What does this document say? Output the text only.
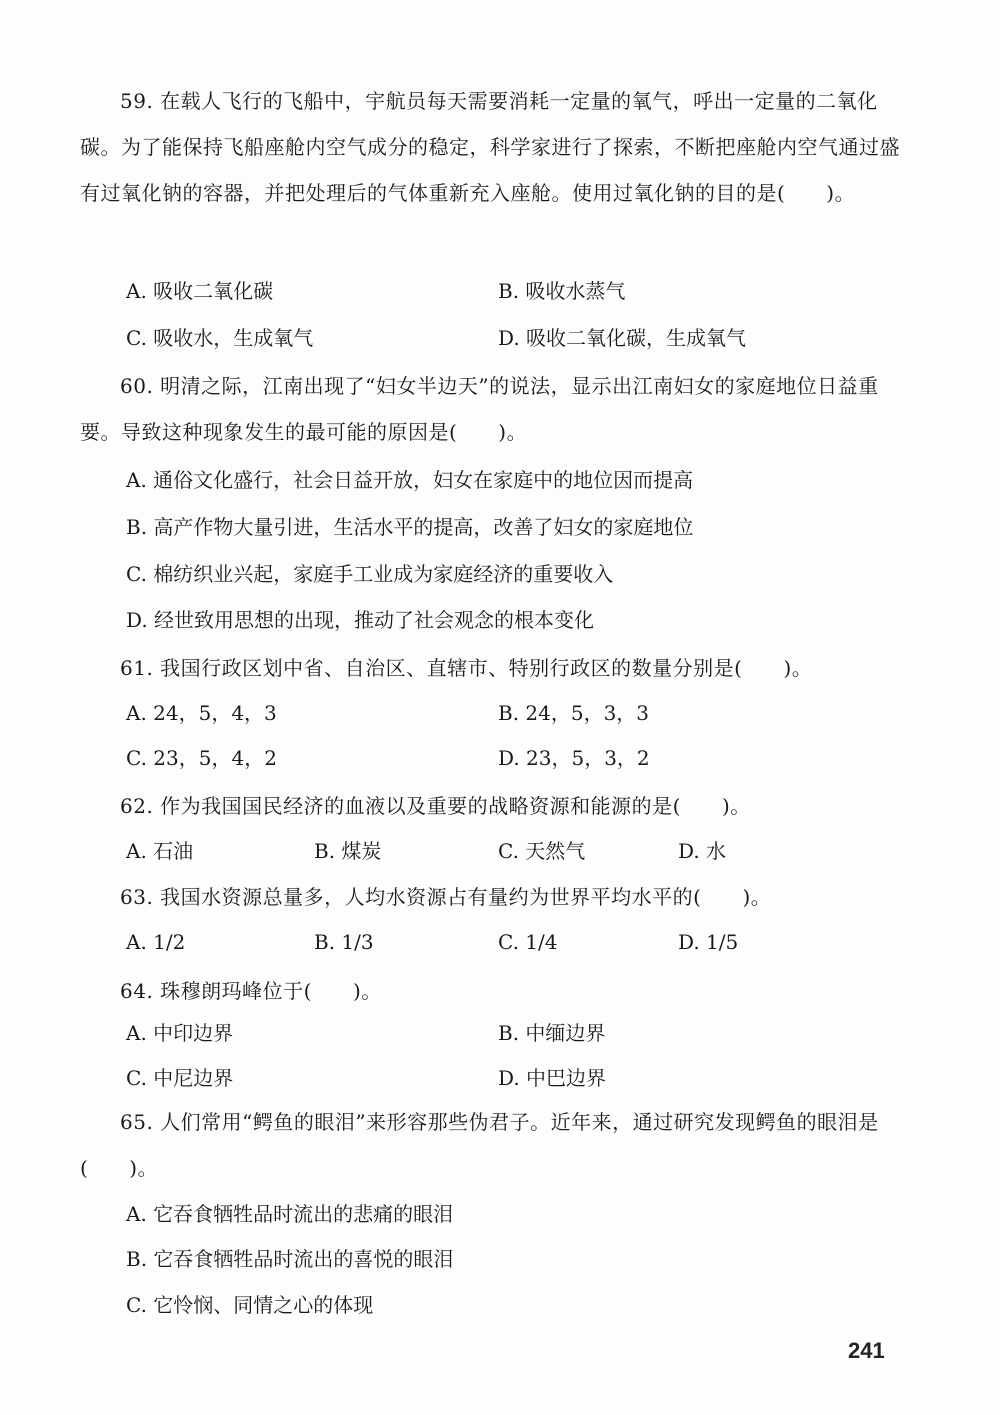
59. 在载人飞行的飞船中，宇航员每天需要消耗一定量的氧气，呼出一定量的二氧化碳。为了能保持飞船座舱内空气成分的稳定，科学家进行了探索，不断把座舱内空气通过盛有过氧化钠的容器，并把处理后的气体重新充入座舱。使用过氧化钠的目的是(　　)。
A. 吸收二氧化碳	B. 吸收水蒸气
C. 吸收水，生成氧气	D. 吸收二氧化碳，生成氧气
60. 明清之际，江南出现了“妇女半边天”的说法，显示出江南妇女的家庭地位日益重要。导致这种现象发生的最可能的原因是(　　)。
A. 通俗文化盛行，社会日益开放，妇女在家庭中的地位因而提高
B. 高产作物大量引进，生活水平的提高，改善了妇女的家庭地位
C. 棉纺织业兴起，家庭手工业成为家庭经济的重要收入
D. 经世致用思想的出现，推动了社会观念的根本变化
61. 我国行政区划中省、自治区、直辖市、特别行政区的数量分别是(　　)。
A. 24，5，4，3	B. 24，5，3，3
C. 23，5，4，2	D. 23，5，3，2
62. 作为我国国民经济的血液以及重要的战略资源和能源的是(　　)。
A. 石油	B. 煤炭	C. 天然气	D. 水
63. 我国水资源总量多，人均水资源占有量约为世界平均水平的(　　)。
A. 1/2	B. 1/3	C. 1/4	D. 1/5
64. 珠穆朗玛峰位于(　　)。
A. 中印边界	B. 中缅边界
C. 中尼边界	D. 中巴边界
65. 人们常用“鳄鱼的眼泪”来形容那些伪君子。近年来，通过研究发现鳄鱼的眼泪是(　　)。
A. 它吞食牺牲品时流出的悲痛的眼泪
B. 它吞食牺牲品时流出的喜悦的眼泪
C. 它怜悯、同情之心的体现
241
